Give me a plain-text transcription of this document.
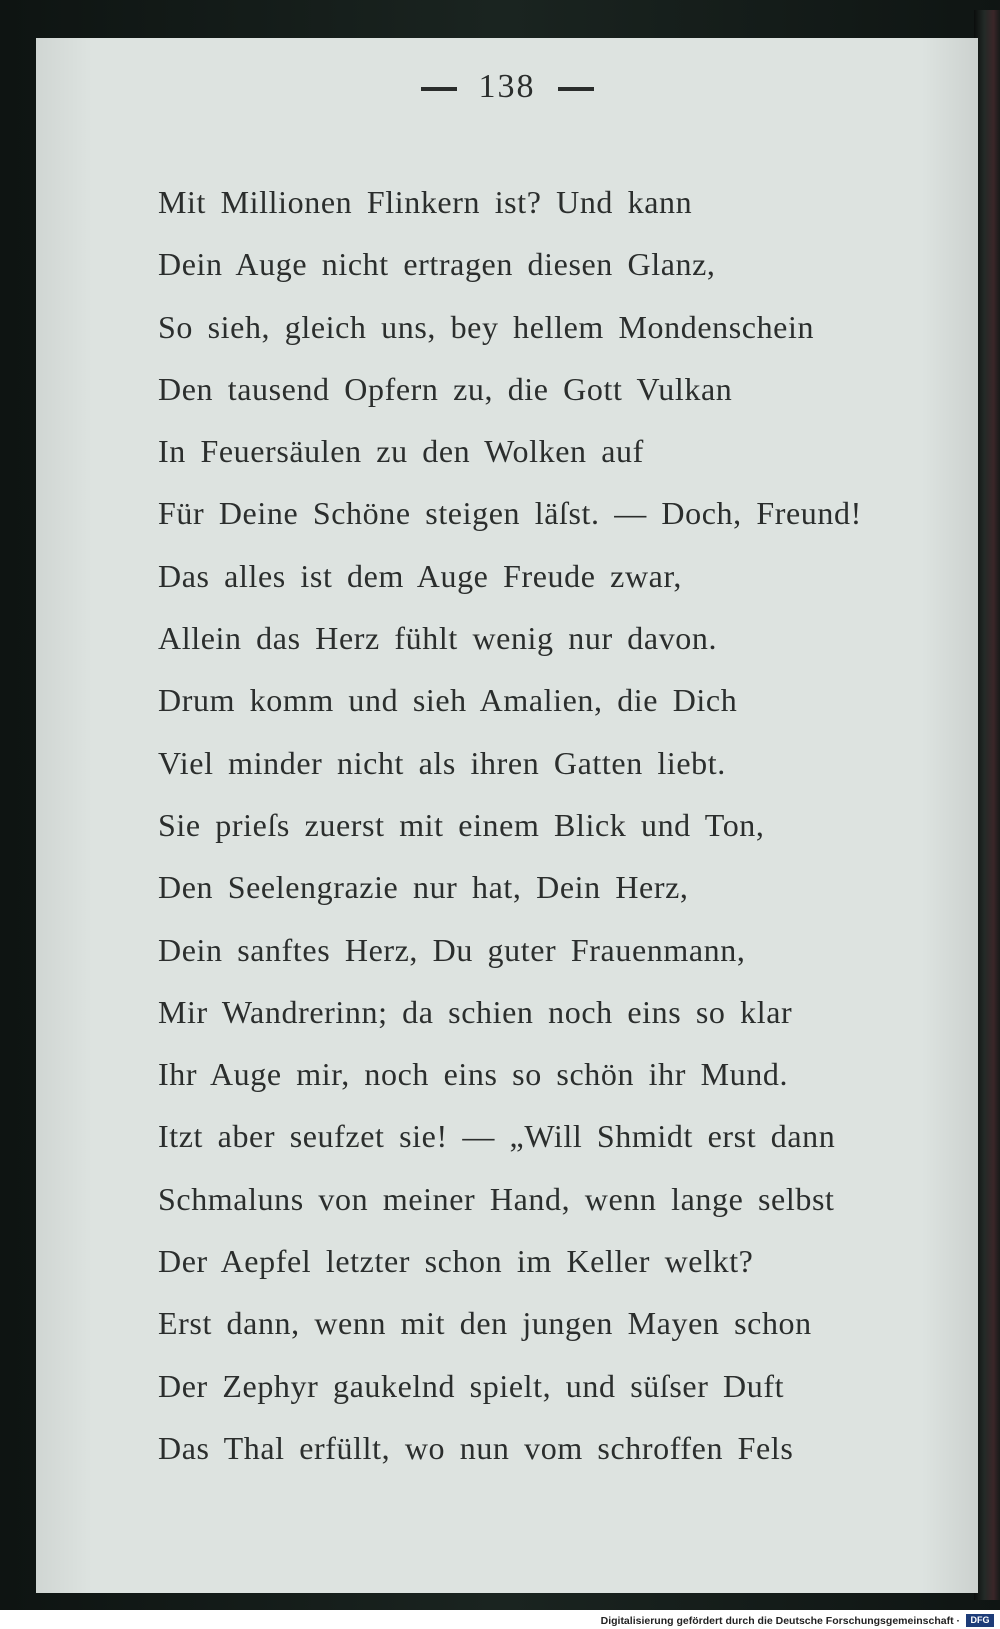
138
Mit Millionen Flinkern ist? Und kann
Dein Auge nicht ertragen diesen Glanz,
So sieh, gleich uns, bey hellem Mondenschein
Den tausend Opfern zu, die Gott Vulkan
In Feuersäulen zu den Wolken auf
Für Deine Schöne steigen läſst. — Doch, Freund!
Das alles ist dem Auge Freude zwar,
Allein das Herz fühlt wenig nur davon.
Drum komm und sieh Amalien, die Dich
Viel minder nicht als ihren Gatten liebt.
Sie prieſs zuerst mit einem Blick und Ton,
Den Seelengrazie nur hat, Dein Herz,
Dein sanftes Herz, Du guter Frauenmann,
Mir Wandrerinn; da schien noch eins so klar
Ihr Auge mir, noch eins so schön ihr Mund.
Itzt aber seufzet sie! — „Will Shmidt erst dann
Schmaluns von meiner Hand, wenn lange selbst
Der Aepfel letzter schon im Keller welkt?
Erst dann, wenn mit den jungen Mayen schon
Der Zephyr gaukelnd spielt, und süſser Duft
Das Thal erfüllt, wo nun vom schroffen Fels
Digitalisierung gefördert durch die Deutsche Forschungsgemeinschaft ·	DFG
